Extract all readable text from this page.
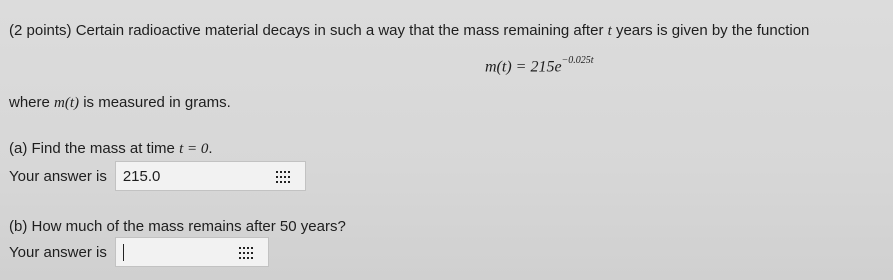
(2 points) Certain radioactive material decays in such a way that the mass remaining after t years is given by the function
$m(t) = 215e^{-0.025t}$
where m(t) is measured in grams.
(a) Find the mass at time t = 0.
Your answer is 215.0
(b) How much of the mass remains after 50 years?
Your answer is
